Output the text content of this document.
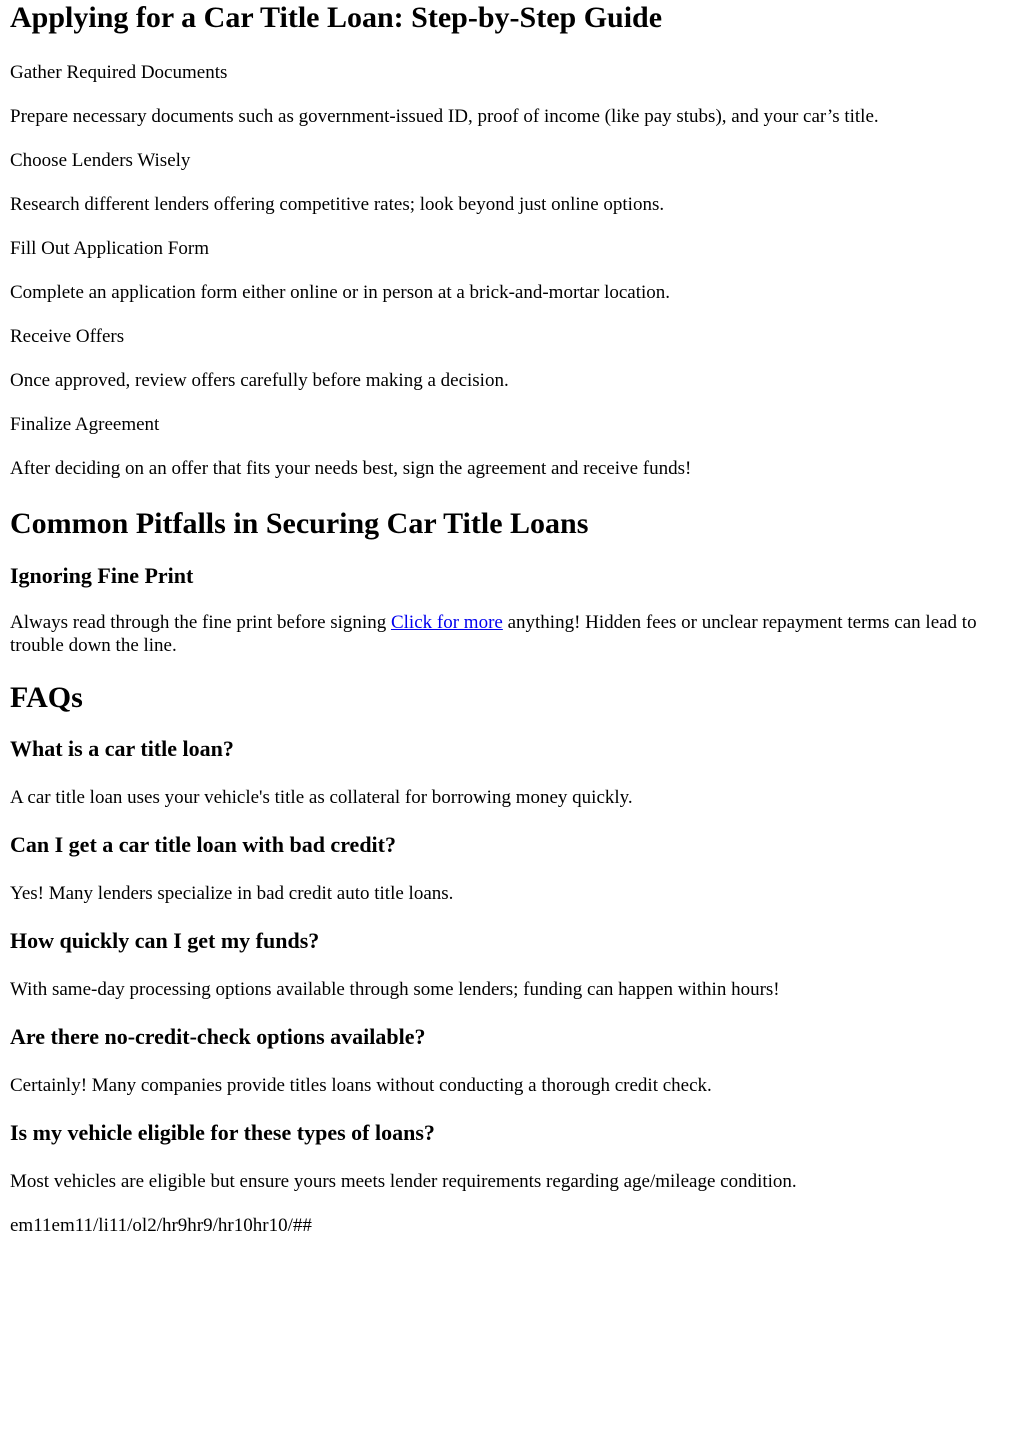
Applying for a Car Title Loan: Step-by-Step Guide

Gather Required Documents

Prepare necessary documents such as government-issued ID, proof of income (like pay stubs), and your car’s title.

Choose Lenders Wisely

Research different lenders offering competitive rates; look beyond just online options.

Fill Out Application Form

Complete an application form either online or in person at a brick-and-mortar location.

Receive Offers

Once approved, review offers carefully before making a decision.

Finalize Agreement

After deciding on an offer that fits your needs best, sign the agreement and receive funds!

Common Pitfalls in Securing Car Title Loans
Ignoring Fine Print

Always read through the fine print before signing Click for more anything! Hidden fees or unclear repayment terms can lead to trouble down the line.

FAQs
What is a car title loan?

A car title loan uses your vehicle's title as collateral for borrowing money quickly.

Can I get a car title loan with bad credit?

Yes! Many lenders specialize in bad credit auto title loans.

How quickly can I get my funds?

With same-day processing options available through some lenders; funding can happen within hours!

Are there no-credit-check options available?

Certainly! Many companies provide titles loans without conducting a thorough credit check.

Is my vehicle eligible for these types of loans?

Most vehicles are eligible but ensure yours meets lender requirements regarding age/mileage condition.

em11em11/li11/ol2/hr9hr9/hr10hr10/##
